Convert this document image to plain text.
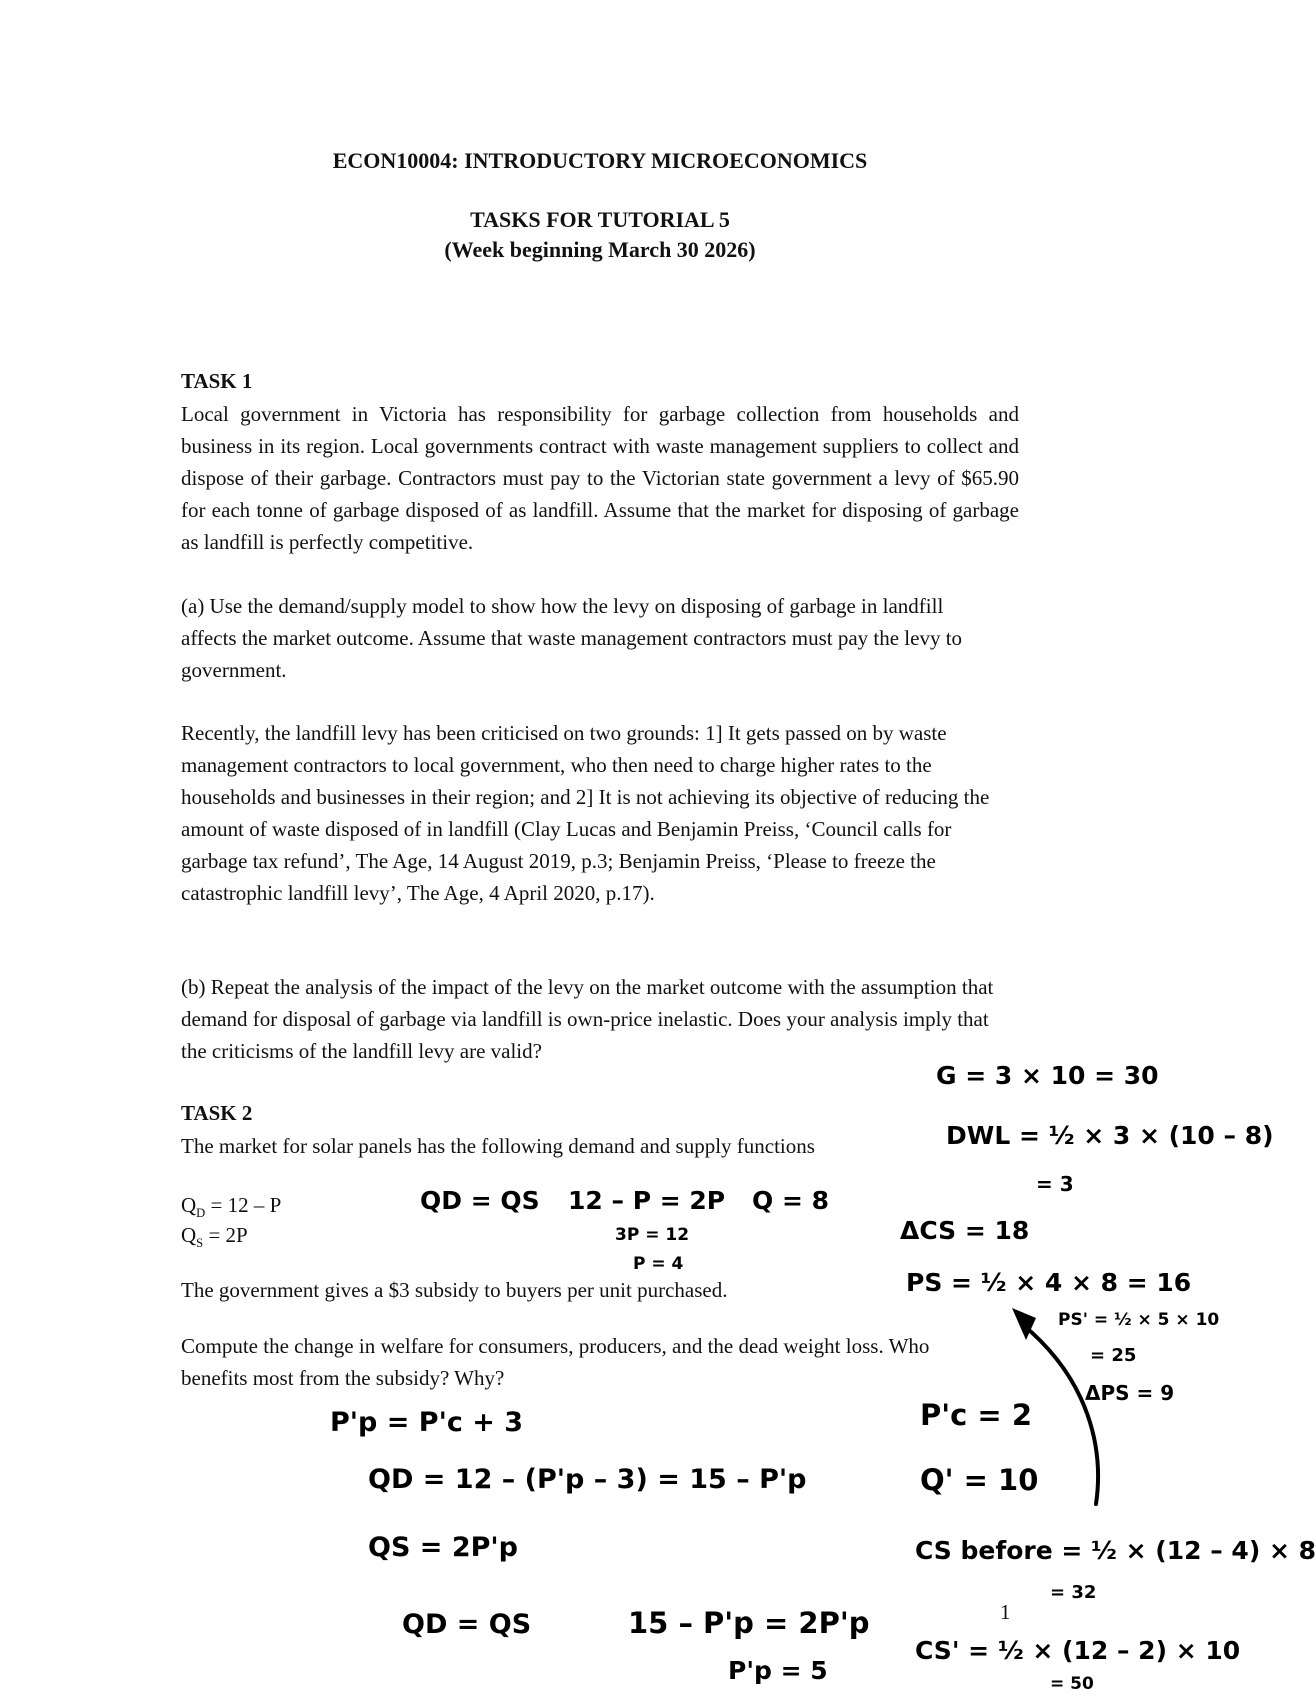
ECON10004: INTRODUCTORY MICROECONOMICS
TASKS FOR TUTORIAL 5
(Week beginning March 30 2026)
TASK 1

Local government in Victoria has responsibility for garbage collection from households and business in its region. Local governments contract with waste management suppliers to collect and dispose of their garbage. Contractors must pay to the Victorian state government a levy of $65.90 for each tonne of garbage disposed of as landfill. Assume that the market for disposing of garbage as landfill is perfectly competitive.

(a) Use the demand/supply model to show how the levy on disposing of garbage in landfill affects the market outcome. Assume that waste management contractors must pay the levy to government.

Recently, the landfill levy has been criticised on two grounds: 1] It gets passed on by waste management contractors to local government, who then need to charge higher rates to the households and businesses in their region; and 2] It is not achieving its objective of reducing the amount of waste disposed of in landfill (Clay Lucas and Benjamin Preiss, ‘Council calls for garbage tax refund’, The Age, 14 August 2019, p.3; Benjamin Preiss, ‘Please to freeze the catastrophic landfill levy’, The Age, 4 April 2020, p.17).

(b) Repeat the analysis of the impact of the levy on the market outcome with the assumption that demand for disposal of garbage via landfill is own-price inelastic. Does your analysis imply that the criticisms of the landfill levy are valid?

TASK 2

The market for solar panels has the following demand and supply functions

$Q_D = 12 - P$
$Q_S = 2P$

The government gives a $3 subsidy to buyers per unit purchased.

Compute the change in welfare for consumers, producers, and the dead weight loss. Who benefits most from the subsidy? Why?

1
QD = QS 12 – P = 2P Q = 8
3P = 12
P = 4
G = 3 × 10 = 30
DWL = ½ × 3 × (10 – 8)
= 3
ΔCS = 18
PS = ½ × 4 × 8 = 16
PS' = ½ × 5 × 10
= 25
ΔPS = 9
P'p = P'c + 3
QD = 12 – (P'p – 3) = 15 – P'p
QS = 2P'p
QD = QS	15 – P'p = 2P'p
P'p = 5
P'c = 2
Q' = 10
CS before = ½ × (12 – 4) × 8
= 32
CS' = ½ × (12 – 2) × 10
= 50
